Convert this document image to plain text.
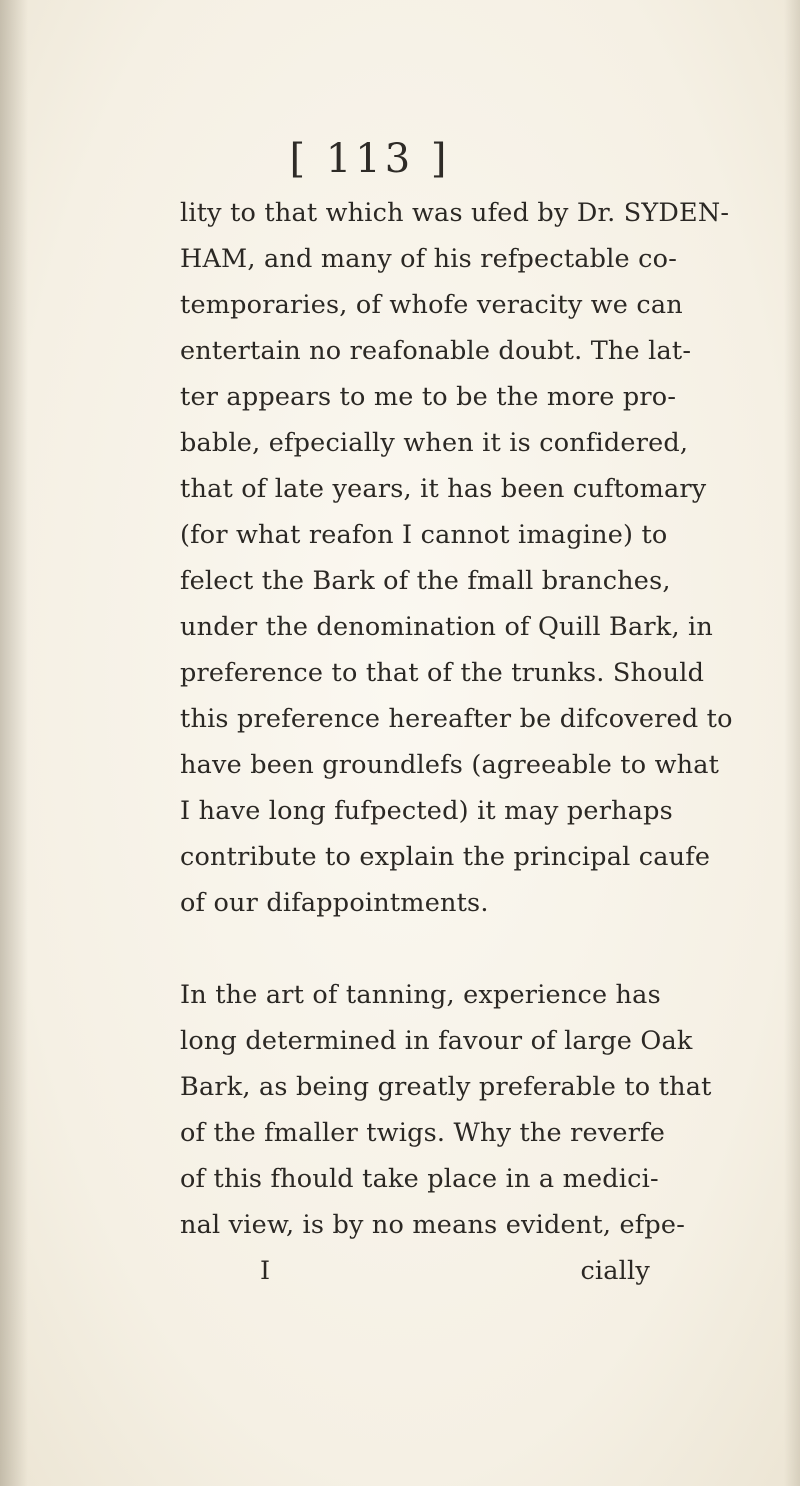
[ 113 ]
lity to that which was ufed by Dr. SYDEN-
HAM, and many of his refpectable co-
temporaries, of whofe veracity we can
entertain no reafonable doubt. The lat-
ter appears to me to be the more pro-
bable, efpecially when it is confidered,
that of late years, it has been cuftomary
(for what reafon I cannot imagine) to
felect the Bark of the fmall branches,
under the denomination of Quill Bark, in
preference to that of the trunks. Should
this preference hereafter be difcovered to
have been groundlefs (agreeable to what
I have long fufpected) it may perhaps
contribute to explain the principal caufe
of our difappointments.
In the art of tanning, experience has
long determined in favour of large Oak
Bark, as being greatly preferable to that
of the fmaller twigs. Why the reverfe
of this fhould take place in a medici-
nal view, is by no means evident, efpe-
I	cially
